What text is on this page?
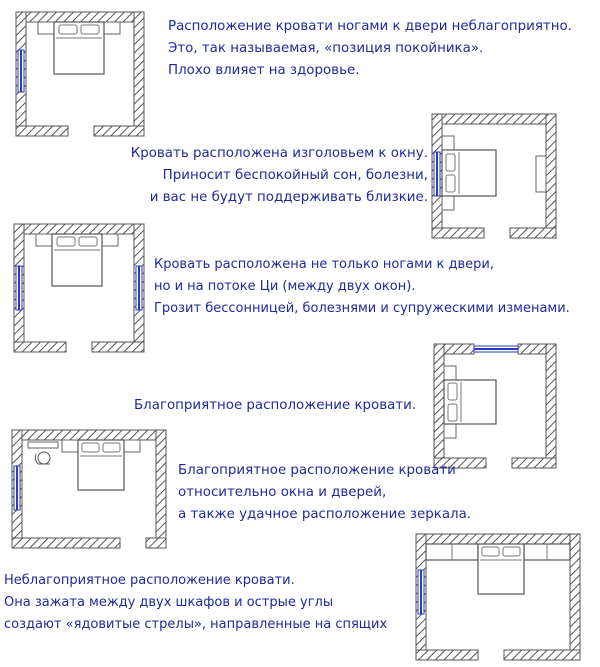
Расположение кровати ногами к двери неблагоприятно.
Это, так называемая, «позиция покойника».
Плохо влияет на здоровье.
Кровать расположена изголовьем к окну.
Приносит беспокойный сон, болезни,
и вас не будут поддерживать близкие.
Кровать расположена не только ногами к двери,
но и на потоке Ци (между двух окон).
Грозит бессонницей, болезнями и супружескими изменами.
Благоприятное расположение кровати.
Благоприятное расположение кровати
относительно окна и дверей,
а также удачное расположение зеркала.
Неблагоприятное расположение кровати.
Она зажата между двух шкафов и острые углы
создают «ядовитые стрелы», направленные на спящих
